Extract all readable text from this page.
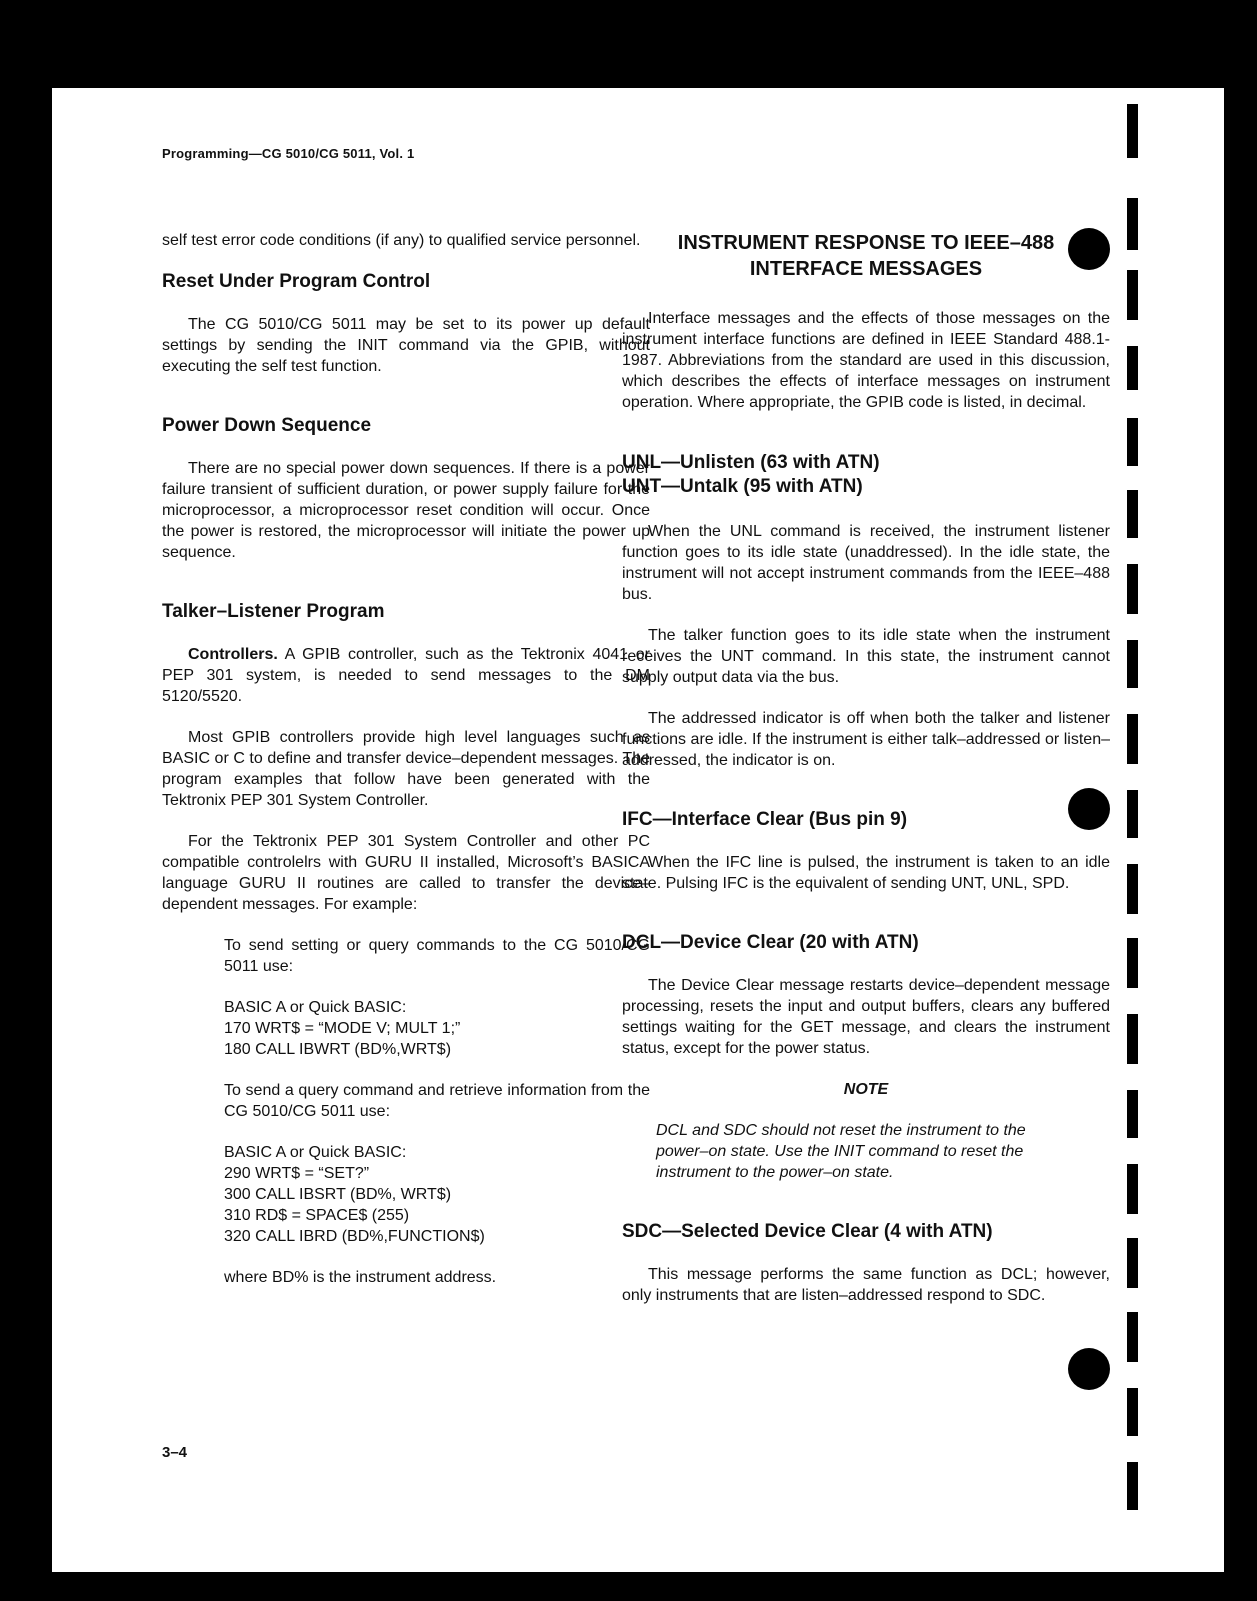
Programming—CG 5010/CG 5011, Vol. 1

self test error code conditions (if any) to qualified service personnel.

Reset Under Program Control

The CG 5010/CG 5011 may be set to its power up default settings by sending the INIT command via the GPIB, without executing the self test function.

Power Down Sequence

There are no special power down sequences. If there is a power failure transient of sufficient duration, or power supply failure for the microprocessor, a microprocessor reset condition will occur. Once the power is restored, the microprocessor will initiate the power up sequence.

Talker–Listener Program

Controllers. A GPIB controller, such as the Tektronix 4041 or PEP 301 system, is needed to send messages to the DM 5120/5520.

Most GPIB controllers provide high level languages such as BASIC or C to define and transfer device–dependent messages. The program examples that follow have been generated with the Tektronix PEP 301 System Controller.

For the Tektronix PEP 301 System Controller and other PC compatible controlelrs with GURU II installed, Microsoft’s BASICA language GURU II routines are called to transfer the device–dependent messages. For example:

To send setting or query commands to the CG 5010/CG 5011 use:

BASIC A or Quick BASIC:
170 WRT$ = “MODE V; MULT 1;”
180 CALL IBWRT (BD%,WRT$)

To send a query command and retrieve information from the CG 5010/CG 5011 use:

BASIC A or Quick BASIC:
290 WRT$ = “SET?”
300 CALL IBSRT (BD%, WRT$)
310 RD$ = SPACE$ (255)
320 CALL IBRD (BD%,FUNCTION$)
where BD% is the instrument address.
INSTRUMENT RESPONSE TO IEEE–488
INTERFACE MESSAGES

Interface messages and the effects of those messages on the instrument interface functions are defined in IEEE Standard 488.1-1987. Abbreviations from the standard are used in this discussion, which describes the effects of interface messages on instrument operation. Where appropriate, the GPIB code is listed, in decimal.

UNL—Unlisten (63 with ATN)
UNT—Untalk (95 with ATN)

When the UNL command is received, the instrument listener function goes to its idle state (unaddressed). In the idle state, the instrument will not accept instrument commands from the IEEE–488 bus.

The talker function goes to its idle state when the instrument receives the UNT command. In this state, the instrument cannot supply output data via the bus.

The addressed indicator is off when both the talker and listener functions are idle. If the instrument is either talk–addressed or listen–addressed, the indicator is on.

IFC—Interface Clear (Bus pin 9)

When the IFC line is pulsed, the instrument is taken to an idle state. Pulsing IFC is the equivalent of sending UNT, UNL, SPD.

DCL—Device Clear (20 with ATN)

The Device Clear message restarts device–dependent message processing, resets the input and output buffers, clears any buffered settings waiting for the GET message, and clears the instrument status, except for the power status.

NOTE

DCL and SDC should not reset the instrument to the power–on state. Use the INIT command to reset the instrument to the power–on state.

SDC—Selected Device Clear (4 with ATN)

This message performs the same function as DCL; however, only instruments that are listen–addressed respond to SDC.

3–4
